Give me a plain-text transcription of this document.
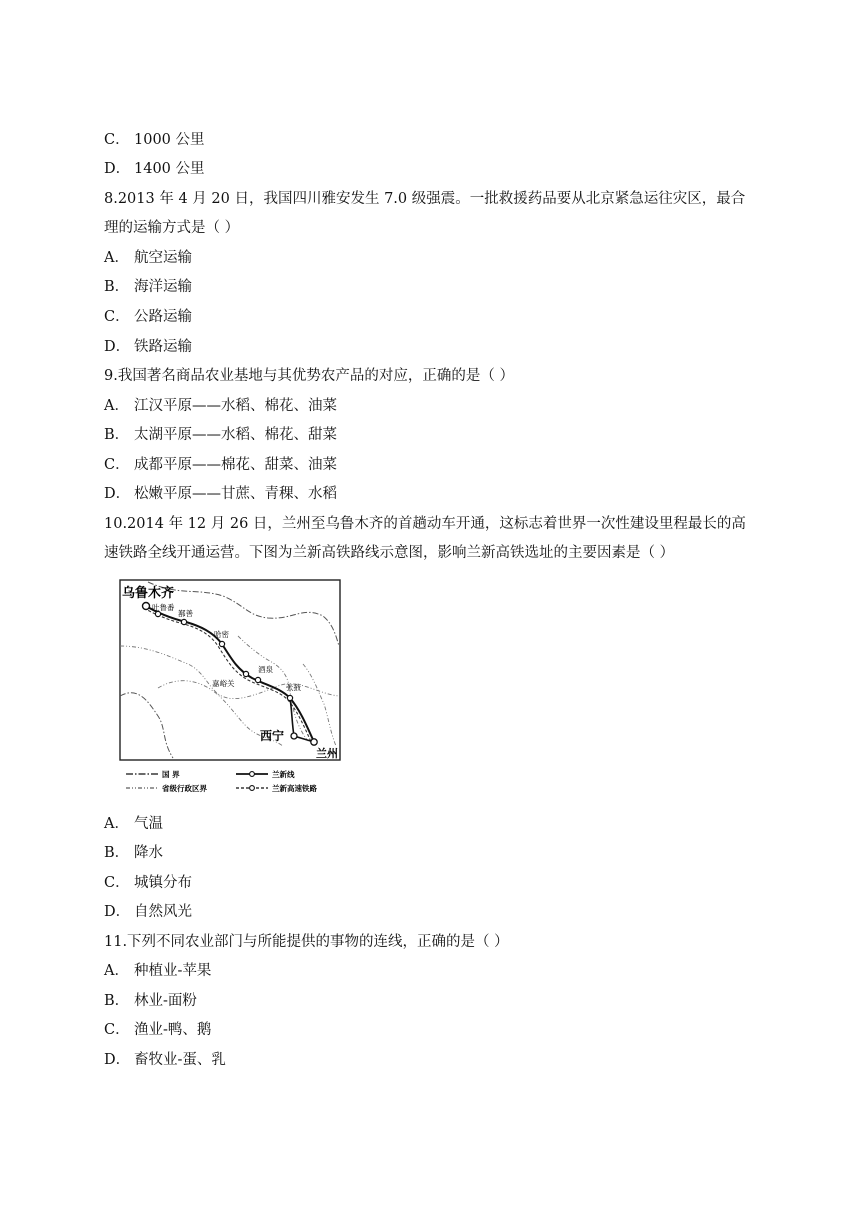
C． 1000 公里
D． 1400 公里
8.2013 年 4 月 20 日，我国四川雅安发生 7.0 级强震。一批救援药品要从北京紧急运往灾区，最合
理的运输方式是（ ）
A． 航空运输
B． 海洋运输
C． 公路运输
D． 铁路运输
9.我国著名商品农业基地与其优势农产品的对应，正确的是（ ）
A． 江汉平原——水稻、棉花、油菜
B． 太湖平原——水稻、棉花、甜菜
C． 成都平原——棉花、甜菜、油菜
D． 松嫩平原——甘蔗、青稞、水稻
10.2014 年 12 月 26 日，兰州至乌鲁木齐的首趟动车开通，这标志着世界一次性建设里程最长的高
速铁路全线开通运营。下图为兰新高铁路线示意图，影响兰新高铁选址的主要因素是（ ）
乌鲁木齐
吐鲁番
鄯善
哈密
嘉峪关
酒泉
张掖
西宁
兰州
国 界	兰新线
省级行政区界	兰新高速铁路
A． 气温
B． 降水
C． 城镇分布
D． 自然风光
11.下列不同农业部门与所能提供的事物的连线，正确的是（ ）
A． 种植业-苹果
B． 林业-面粉
C． 渔业-鸭、鹅
D． 畜牧业-蛋、乳
